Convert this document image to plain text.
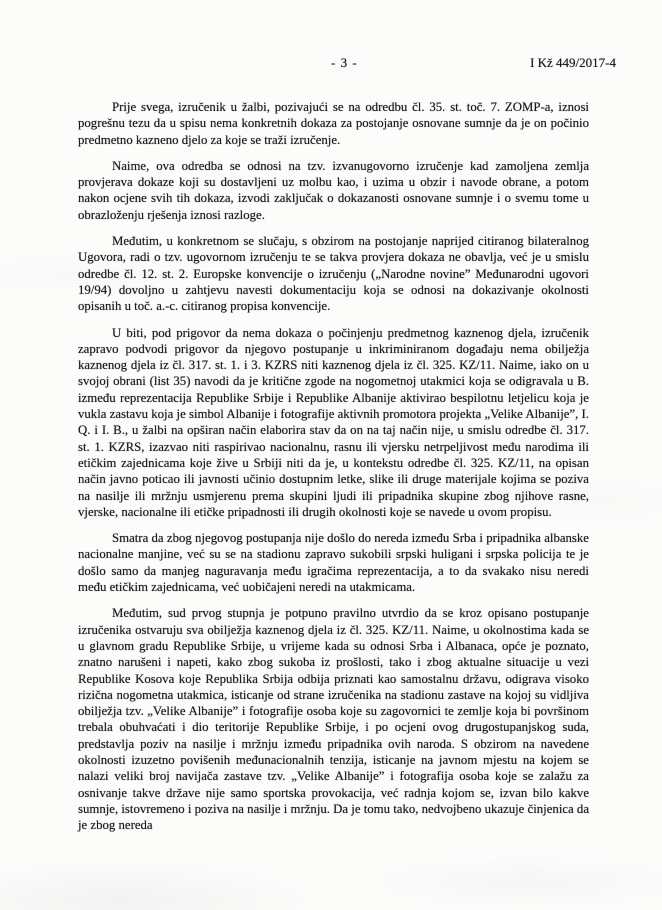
- 3 -	I Kž 449/2017-4

Prije svega, izručenik u žalbi, pozivajući se na odredbu čl. 35. st. toč. 7. ZOMP-a, iznosi pogrešnu tezu da u spisu nema konkretnih dokaza za postojanje osnovane sumnje da je on počinio predmetno kazneno djelo za koje se traži izručenje.

Naime, ova odredba se odnosi na tzv. izvanugovorno izručenje kad zamoljena zemlja provjerava dokaze koji su dostavljeni uz molbu kao, i uzima u obzir i navode obrane, a potom nakon ocjene svih tih dokaza, izvodi zaključak o dokazanosti osnovane sumnje i o svemu tome u obrazloženju rješenja iznosi razloge.

Međutim, u konkretnom se slučaju, s obzirom na postojanje naprijed citiranog bilateralnog Ugovora, radi o tzv. ugovornom izručenju te se takva provjera dokaza ne obavlja, već je u smislu odredbe čl. 12. st. 2. Europske konvencije o izručenju („Narodne novine” Međunarodni ugovori 19/94) dovoljno u zahtjevu navesti dokumentaciju koja se odnosi na dokazivanje okolnosti opisanih u toč. a.-c. citiranog propisa konvencije.

U biti, pod prigovor da nema dokaza o počinjenju predmetnog kaznenog djela, izručenik zapravo podvodi prigovor da njegovo postupanje u inkriminiranom događaju nema obilježja kaznenog djela iz čl. 317. st. 1. i 3. KZRS niti kaznenog djela iz čl. 325. KZ/11. Naime, iako on u svojoj obrani (list 35) navodi da je kritične zgode na nogometnoj utakmici koja se odigravala u B. između reprezentacija Republike Srbije i Republike Albanije aktivirao bespilotnu letjelicu koja je vukla zastavu koja je simbol Albanije i fotografije aktivnih promotora projekta „Velike Albanije”, I. Q. i I. B., u žalbi na opširan način elaborira stav da on na taj način nije, u smislu odredbe čl. 317. st. 1. KZRS, izazvao niti raspirivao nacionalnu, rasnu ili vjersku netrpeljivost među narodima ili etičkim zajednicama koje žive u Srbiji niti da je, u kontekstu odredbe čl. 325. KZ/11, na opisan način javno poticao ili javnosti učinio dostupnim letke, slike ili druge materijale kojima se poziva na nasilje ili mržnju usmjerenu prema skupini ljudi ili pripadnika skupine zbog njihove rasne, vjerske, nacionalne ili etičke pripadnosti ili drugih okolnosti koje se navede u ovom propisu.

Smatra da zbog njegovog postupanja nije došlo do nereda između Srba i pripadnika albanske nacionalne manjine, već su se na stadionu zapravo sukobili srpski huligani i srpska policija te je došlo samo da manjeg naguravanja među igračima reprezentacija, a to da svakako nisu neredi među etičkim zajednicama, već uobičajeni neredi na utakmicama.

Međutim, sud prvog stupnja je potpuno pravilno utvrdio da se kroz opisano postupanje izručenika ostvaruju sva obilježja kaznenog djela iz čl. 325. KZ/11. Naime, u okolnostima kada se u glavnom gradu Republike Srbije, u vrijeme kada su odnosi Srba i Albanaca, opće je poznato, znatno narušeni i napeti, kako zbog sukoba iz prošlosti, tako i zbog aktualne situacije u vezi Republike Kosova koje Republika Srbija odbija priznati kao samostalnu državu, odigrava visoko rizična nogometna utakmica, isticanje od strane izručenika na stadionu zastave na kojoj su vidljiva obilježja tzv. „Velike Albanije” i fotografije osoba koje su zagovornici te zemlje koja bi površinom trebala obuhvaćati i dio teritorije Republike Srbije, i po ocjeni ovog drugostupanjskog suda, predstavlja poziv na nasilje i mržnju između pripadnika ovih naroda. S obzirom na navedene okolnosti izuzetno povišenih međunacionalnih tenzija, isticanje na javnom mjestu na kojem se nalazi veliki broj navijača zastave tzv. „Velike Albanije” i fotografija osoba koje se zalažu za osnivanje takve države nije samo sportska provokacija, već radnja kojom se, izvan bilo kakve sumnje, istovremeno i poziva na nasilje i mržnju. Da je tomu tako, nedvojbeno ukazuje činjenica da je zbog nereda
